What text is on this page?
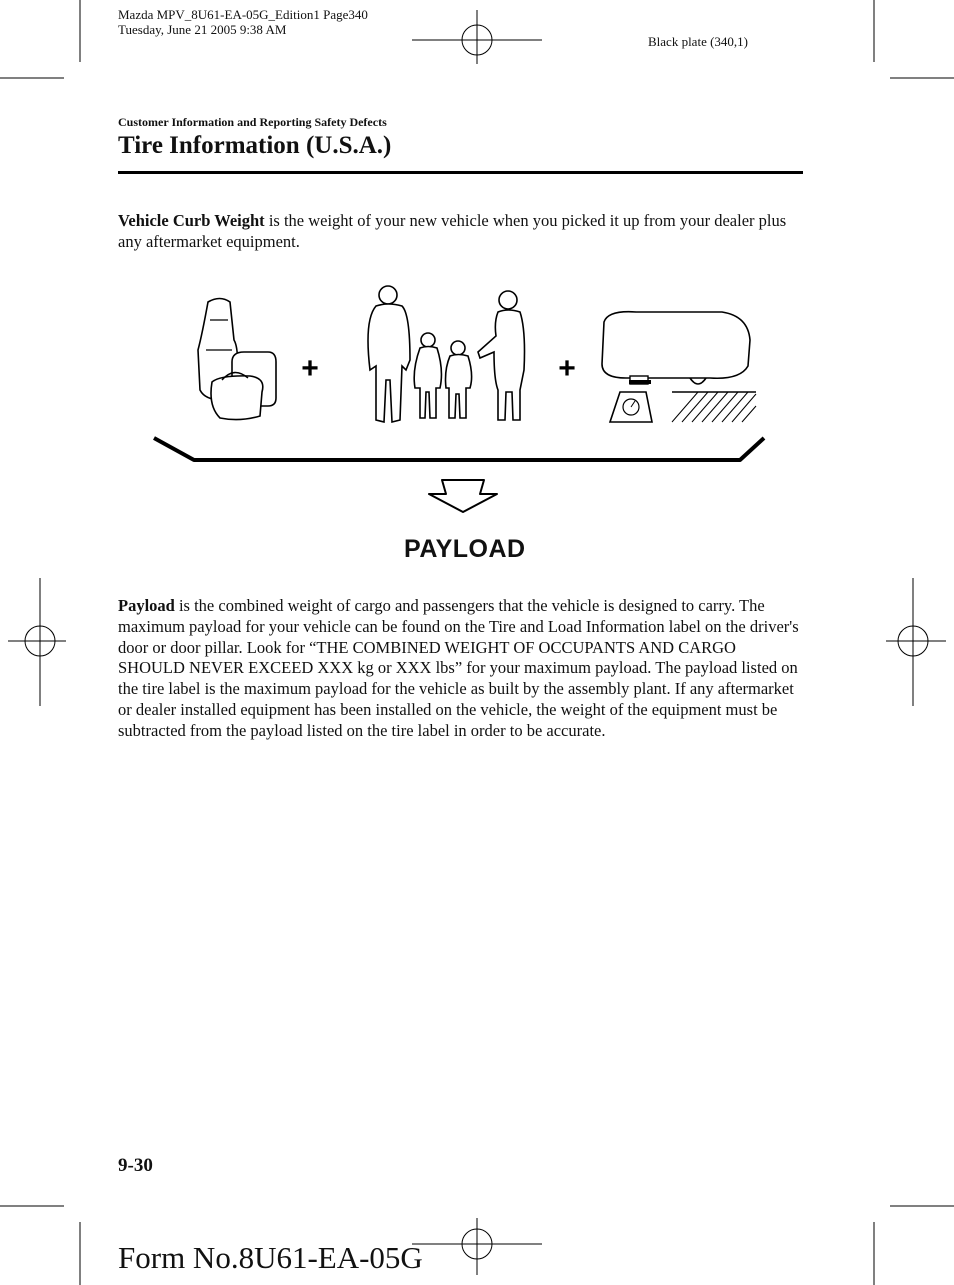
Mazda MPV_8U61-EA-05G_Edition1 Page340
Tuesday, June 21 2005 9:38 AM
Black plate (340,1)
Customer Information and Reporting Safety Defects
Tire Information (U.S.A.)

Vehicle Curb Weight is the weight of your new vehicle when you picked it up from your dealer plus any aftermarket equipment.

+	+
PAYLOAD

Payload is the combined weight of cargo and passengers that the vehicle is designed to carry. The maximum payload for your vehicle can be found on the Tire and Load Information label on the driver's door or door pillar. Look for “THE COMBINED WEIGHT OF OCCUPANTS AND CARGO SHOULD NEVER EXCEED XXX kg or XXX lbs” for your maximum payload. The payload listed on the tire label is the maximum payload for the vehicle as built by the assembly plant. If any aftermarket or dealer installed equipment has been installed on the vehicle, the weight of the equipment must be subtracted from the payload listed on the tire label in order to be accurate.

9-30
Form No.8U61-EA-05G
